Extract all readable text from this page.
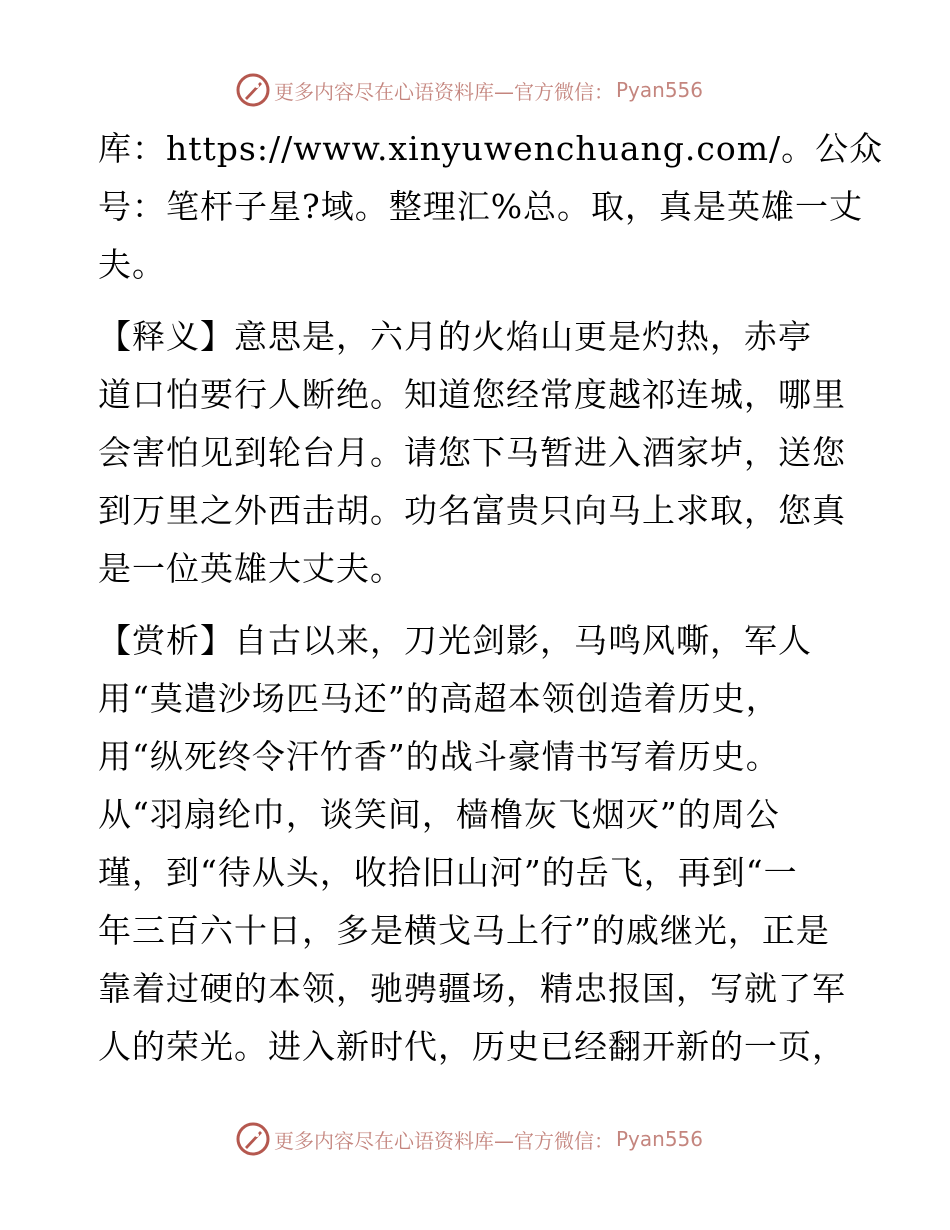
更多内容尽在心语资料库—官方微信： Pyan556
库：https://www.xinyuwenchuang.com/。公众
号：笔杆子星?域。整理汇%总。取，真是英雄一丈
夫。
【释义】意思是，六月的火焰山更是灼热，赤亭
道口怕要行人断绝。知道您经常度越祁连城，哪里
会害怕见到轮台月。请您下马暂进入酒家垆，送您
到万里之外西击胡。功名富贵只向马上求取，您真
是一位英雄大丈夫。
【赏析】自古以来，刀光剑影，马鸣风嘶，军人
用“莫遣沙场匹马还”的高超本领创造着历史，
用“纵死终令汗竹香”的战斗豪情书写着历史。
从“羽扇纶巾，谈笑间，樯橹灰飞烟灭”的周公
瑾，到“待从头，收拾旧山河”的岳飞，再到“一
年三百六十日，多是横戈马上行”的戚继光，正是
靠着过硬的本领，驰骋疆场，精忠报国，写就了军
人的荣光。进入新时代，历史已经翻开新的一页，
更多内容尽在心语资料库—官方微信： Pyan556
